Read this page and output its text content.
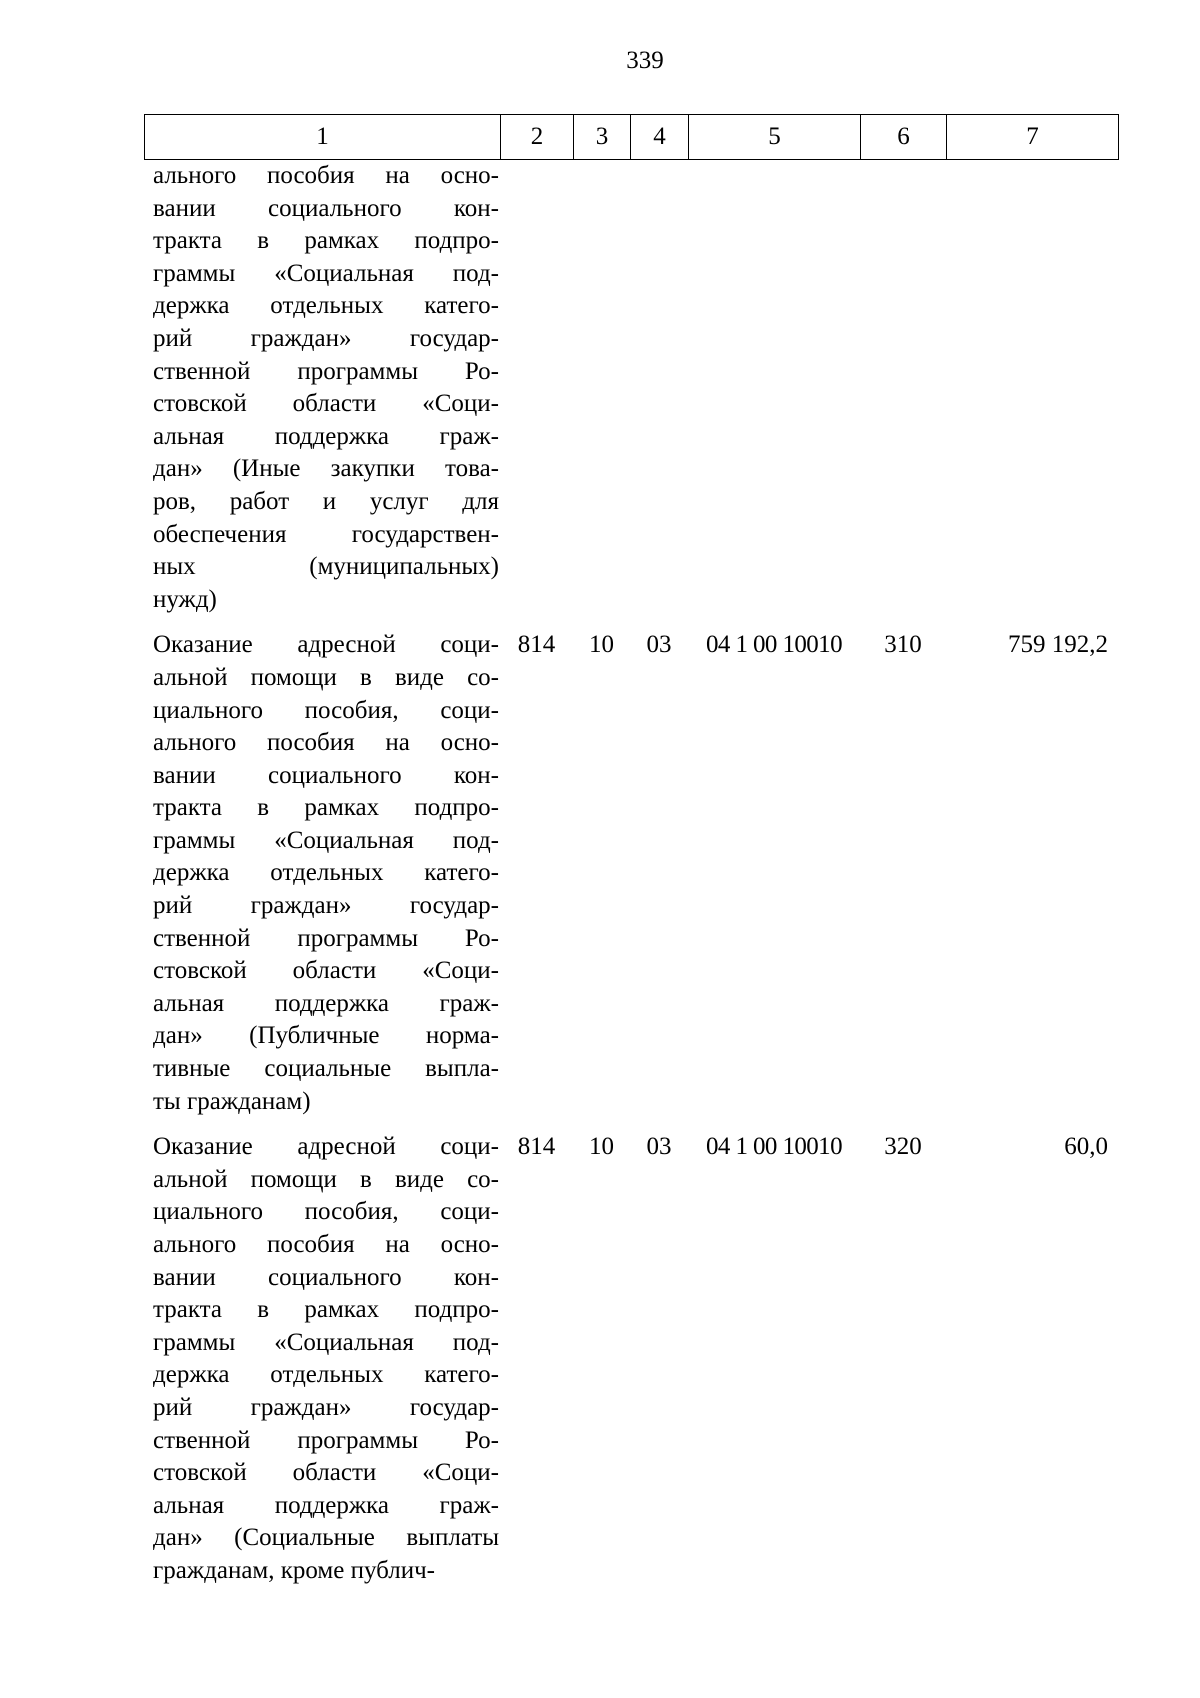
339
1	2	3	4	5	6	7
ального пособия на осно-
вании социального кон-
тракта в рамках подпро-
граммы «Социальная под-
держка отдельных катего-
рий граждан» государ-
ственной программы Ро-
стовской области «Соци-
альная поддержка граж-
дан» (Иные закупки това-
ров, работ и услуг для
обеспечения государствен-
ных (муниципальных)
нужд)
Оказание адресной соци-
альной помощи в виде со-
циального пособия, соци-
ального пособия на осно-
вании социального кон-
тракта в рамках подпро-
граммы «Социальная под-
держка отдельных катего-
рий граждан» государ-
ственной программы Ро-
стовской области «Соци-
альная поддержка граж-
дан» (Публичные норма-
тивные социальные выпла-
ты гражданам)
814	10	03	04 1 00 10010	310	759 192,2
Оказание адресной соци-
альной помощи в виде со-
циального пособия, соци-
ального пособия на осно-
вании социального кон-
тракта в рамках подпро-
граммы «Социальная под-
держка отдельных катего-
рий граждан» государ-
ственной программы Ро-
стовской области «Соци-
альная поддержка граж-
дан» (Социальные выплаты
гражданам, кроме публич-
814	10	03	04 1 00 10010	320	60,0
